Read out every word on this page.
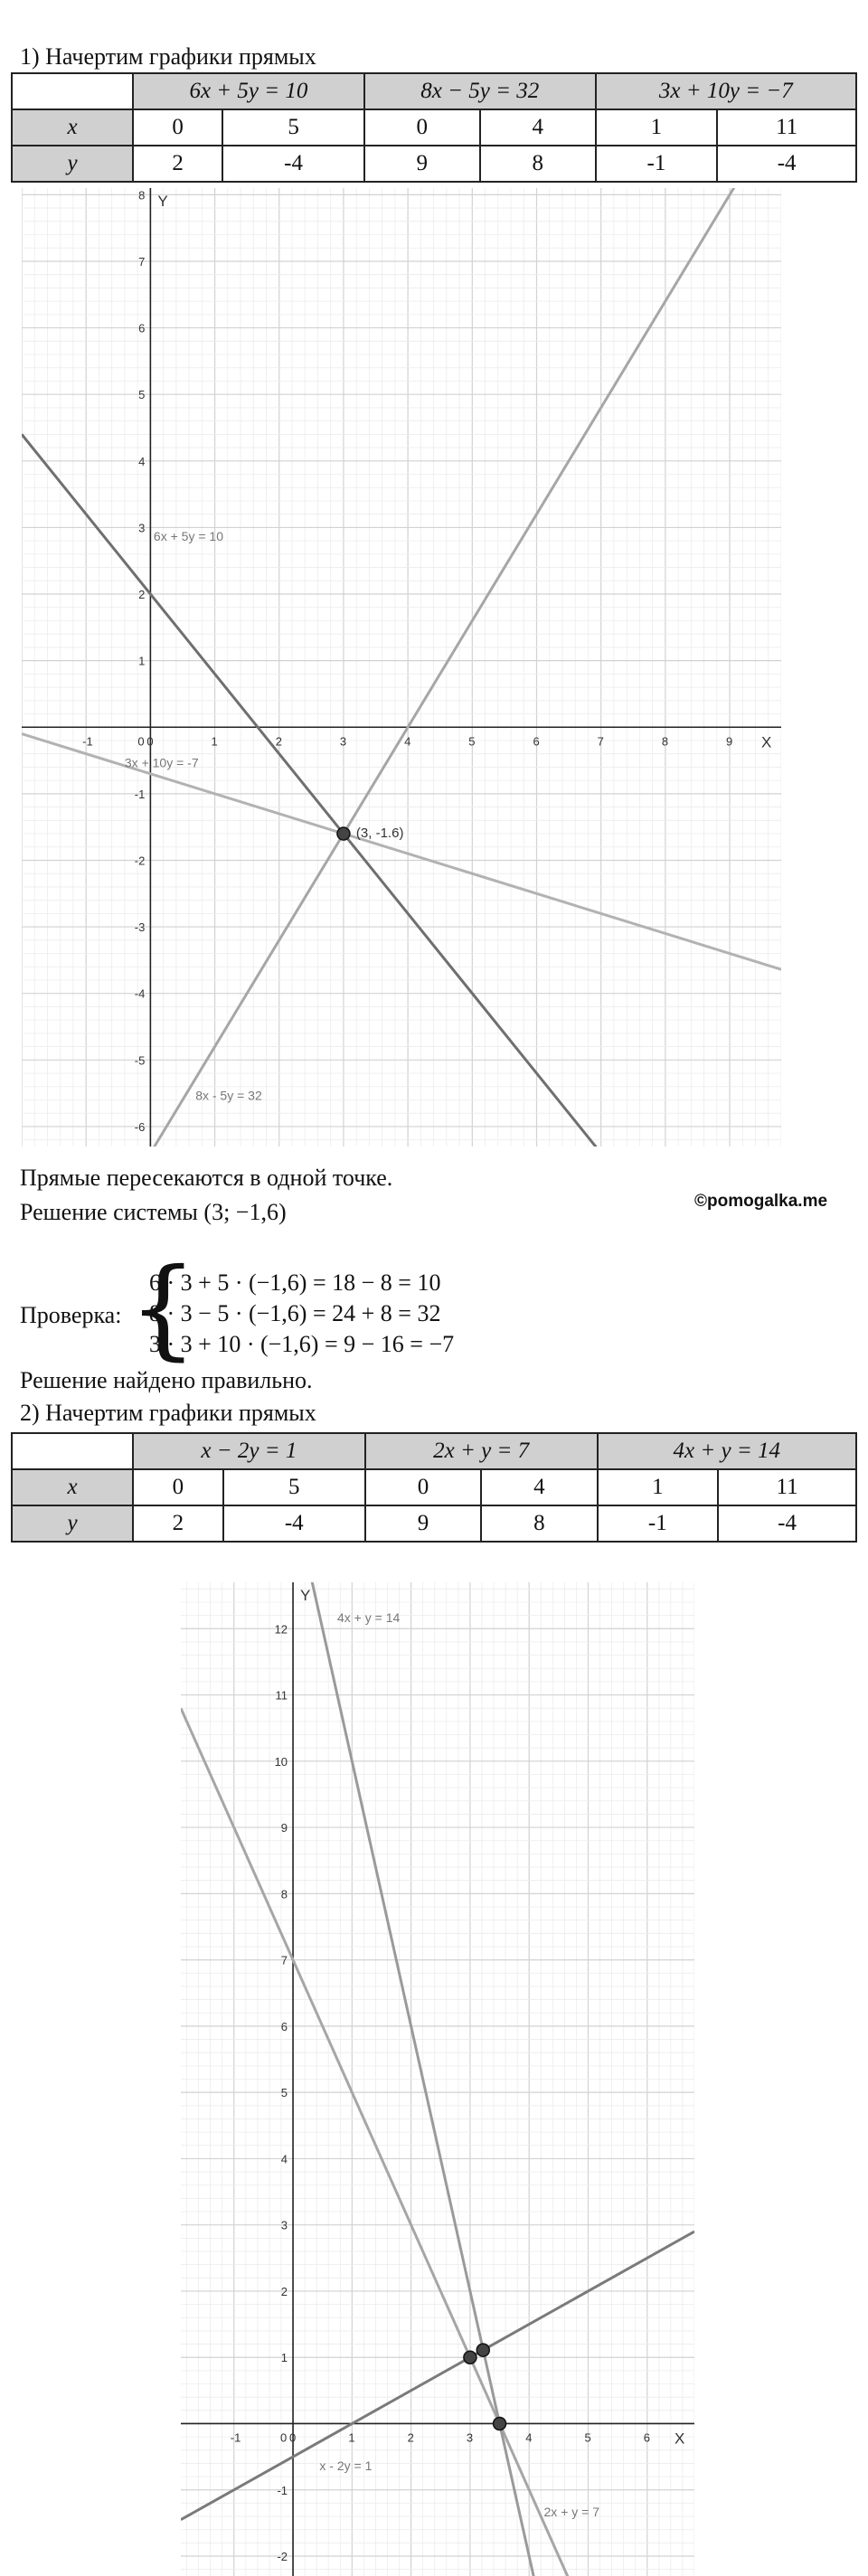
1) Начертим графики прямых
	6x + 5y = 10		8x − 5y = 32		3x + 10y = −7	
x	0	5	0	4	1	11
y	2	-4	9	8	-1	-4
-1	0	1	2	3	4	5	6	7	8	9
0
-6
-5
-4
-3
-2
-1
1
2
3
4
5
6
7
8
X
Y
6x + 5y = 10
8x - 5y = 32
3x + 10y = -7
(3, -1.6)
Прямые пересекаются в одной точке.
Решение системы (3; −1,6)	©pomogalka.me
Проверка: {
6 · 3 + 5 · (−1,6) = 18 − 8 = 10
8 · 3 − 5 · (−1,6) = 24 + 8 = 32
3 · 3 + 10 · (−1,6) = 9 − 16 = −7
Решение найдено правильно.
2) Начертим графики прямых
	x − 2y = 1		2x + y = 7		4x + y = 14	
x	0	5	0	4	1	11
y	2	-4	9	8	-1	-4
-1	0	1	2	3	4	5	6
0
-2
-1
1
2
3
4
5
6
7
8
9
10
11
12
X
Y
x - 2y = 1
2x + y = 7
4x + y = 14
